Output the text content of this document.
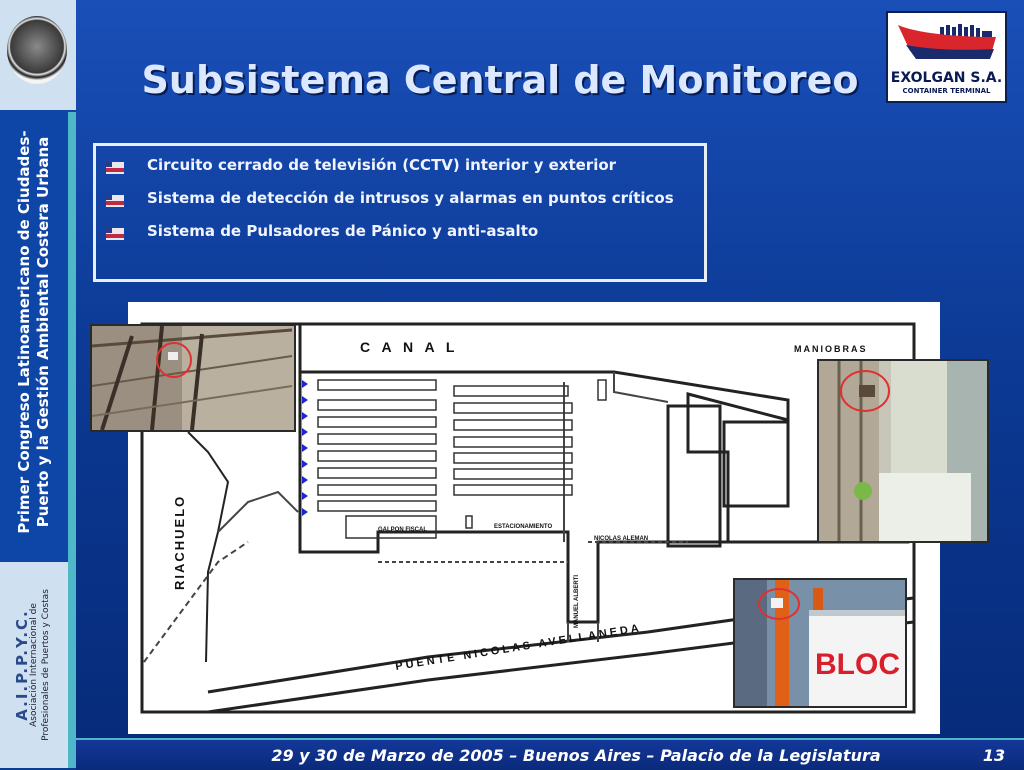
Primer Congreso Latinoamericano de Ciudades-Puerto y la Gestión Ambiental Costera Urbana
A.I.P.P.Y.C.
Asociación Internacional de Profesionales de Puertos y Costas
Subsistema Central de Monitoreo	EXOLGAN S.A.
CONTAINER TERMINAL
Circuito cerrado de televisión (CCTV) interior y exterior
Sistema de detección de intrusos y alarmas en puntos críticos
Sistema de Pulsadores de Pánico y anti-asalto
C A N A L	MANIOBRAS
GALPON FISCAL	ESTACIONAMIENTO
NICOLAS ALEMAN
MANUEL ALBERTI
RIACHUELO
PUENTE NICOLAS AVELLANEDA	BLOC
29 y 30 de Marzo de 2005 – Buenos Aires – Palacio de la Legislatura	13
